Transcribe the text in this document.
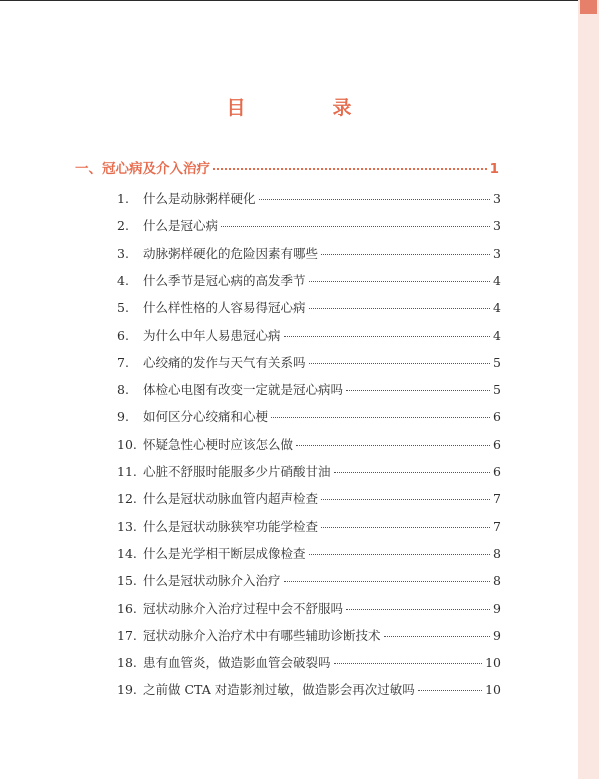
目　录
一、冠心病及介入治疗	1
1. 什么是动脉粥样硬化	3
2. 什么是冠心病	3
3. 动脉粥样硬化的危险因素有哪些	3
4. 什么季节是冠心病的高发季节	4
5. 什么样性格的人容易得冠心病	4
6. 为什么中年人易患冠心病	4
7. 心绞痛的发作与天气有关系吗	5
8. 体检心电图有改变一定就是冠心病吗	5
9. 如何区分心绞痛和心梗	6
10. 怀疑急性心梗时应该怎么做	6
11. 心脏不舒服时能服多少片硝酸甘油	6
12. 什么是冠状动脉血管内超声检查	7
13. 什么是冠状动脉狭窄功能学检查	7
14. 什么是光学相干断层成像检查	8
15. 什么是冠状动脉介入治疗	8
16. 冠状动脉介入治疗过程中会不舒服吗	9
17. 冠状动脉介入治疗术中有哪些辅助诊断技术	9
18. 患有血管炎，做造影血管会破裂吗	10
19. 之前做 CTA 对造影剂过敏，做造影会再次过敏吗	10
